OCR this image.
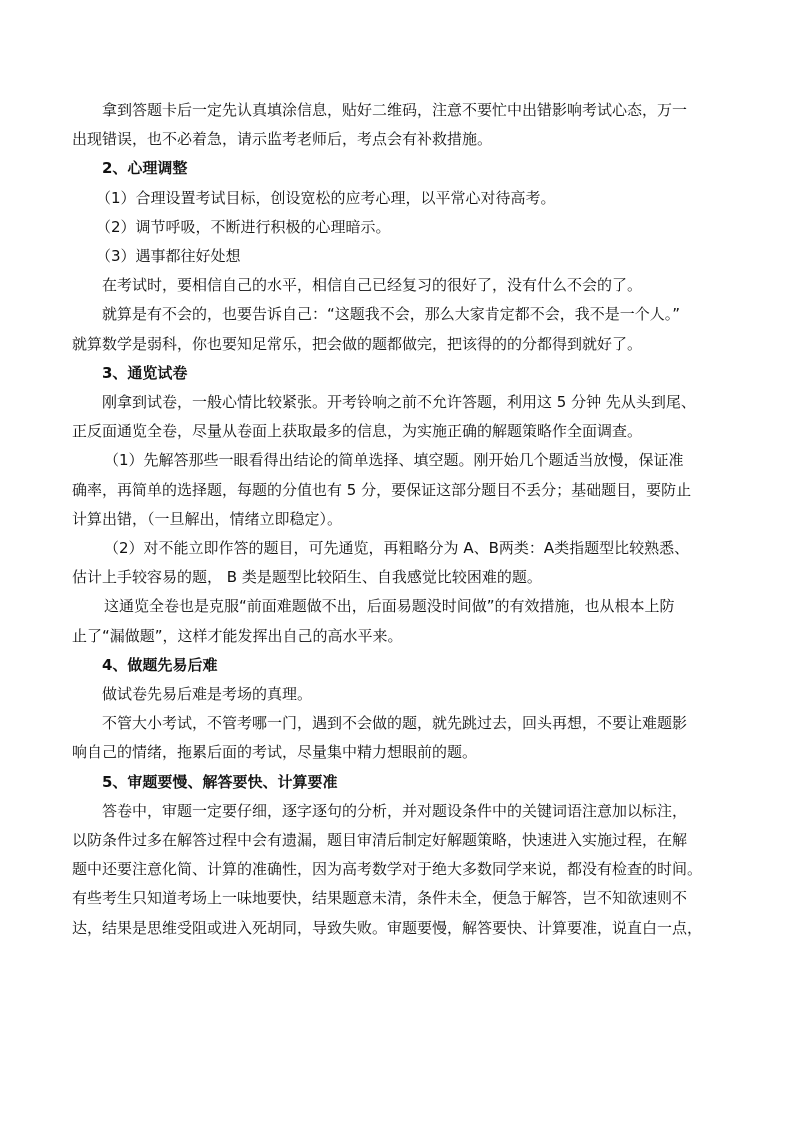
拿到答题卡后一定先认真填涂信息，贴好二维码，注意不要忙中出错影响考试心态，万一
出现错误，也不必着急，请示监考老师后，考点会有补救措施。

2、心理调整

（1）合理设置考试目标，创设宽松的应考心理，以平常心对待高考。

（2）调节呼吸，不断进行积极的心理暗示。

（3）遇事都往好处想

在考试时，要相信自己的水平，相信自己已经复习的很好了，没有什么不会的了。

就算是有不会的，也要告诉自己：“这题我不会，那么大家肯定都不会，我不是一个人。”
就算数学是弱科，你也要知足常乐，把会做的题都做完，把该得的的分都得到就好了。

3、通览试卷

刚拿到试卷，一般心情比较紧张。开考铃响之前不允许答题，利用这 5 分钟 先从头到尾、
正反面通览全卷，尽量从卷面上获取最多的信息，为实施正确的解题策略作全面调查。

（1）先解答那些一眼看得出结论的简单选择、填空题。刚开始几个题适当放慢，保证准
确率，再简单的选择题，每题的分值也有 5 分，要保证这部分题目不丢分；基础题目，要防止
计算出错，（一旦解出，情绪立即稳定）。

（2）对不能立即作答的题目，可先通览，再粗略分为 A、B两类：A类指题型比较熟悉、
估计上手较容易的题， B 类是题型比较陌生、自我感觉比较困难的题。

这通览全卷也是克服“前面难题做不出，后面易题没时间做”的有效措施，也从根本上防
止了“漏做题”，这样才能发挥出自己的高水平来。

4、做题先易后难

做试卷先易后难是考场的真理。

不管大小考试，不管考哪一门，遇到不会做的题，就先跳过去，回头再想，不要让难题影
响自己的情绪，拖累后面的考试，尽量集中精力想眼前的题。

5、审题要慢、解答要快、计算要准

答卷中，审题一定要仔细，逐字逐句的分析，并对题设条件中的关键词语注意加以标注，
以防条件过多在解答过程中会有遗漏，题目审清后制定好解题策略，快速进入实施过程，在解
题中还要注意化简、计算的准确性，因为高考数学对于绝大多数同学来说，都没有检查的时间。
有些考生只知道考场上一味地要快，结果题意未清，条件未全，便急于解答，岂不知欲速则不
达，结果是思维受阻或进入死胡同，导致失败。审题要慢，解答要快、计算要准，说直白一点，
